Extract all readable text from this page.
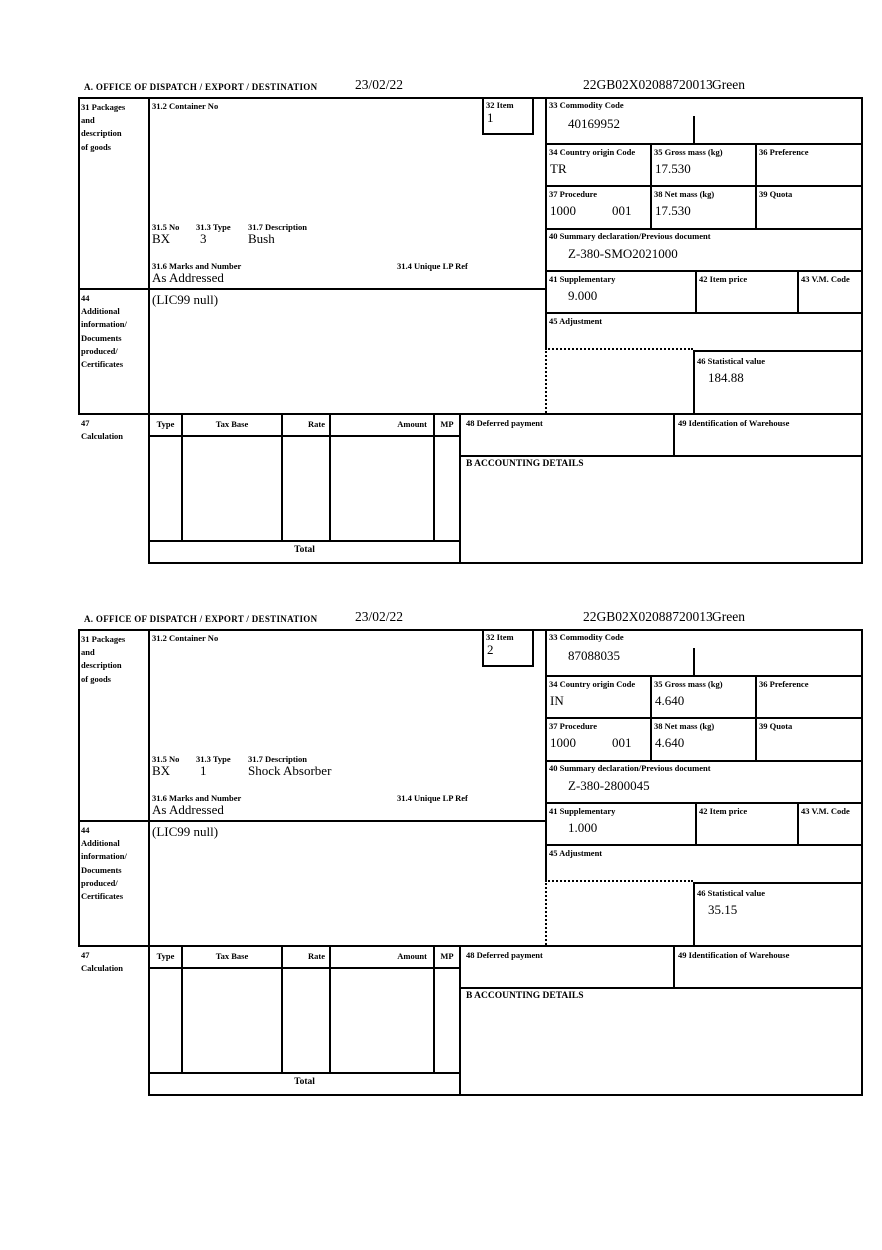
A. OFFICE OF DISPATCH / EXPORT / DESTINATION	23/02/22	22GB02X02088720013 Green
31 Packages
and
description
of goods
31.2 Container No	32 Item
1
31.5 No 31.3 Type 31.7 Description
BX 3	Bush
31.6 Marks and Number	31.4 Unique LP Ref
As Addressed
44
Additional
information/
Documents
produced/
Certificates
(LIC99 null)
33 Commodity Code
40169952
34 Country origin Code
TR
35 Gross mass (kg)
17.530
36 Preference
37 Procedure
1000	001
38 Net mass (kg)
17.530
39 Quota
40 Summary declaration/Previous document
Z-380-SMO2021000
41 Supplementary
9.000
42 Item price	43 V.M. Code
45 Adjustment
46 Statistical value
184.88
47
Calculation
Type	Tax Base	Rate	Amount	MP	48 Deferred payment	49 Identification of Warehouse
B ACCOUNTING DETAILS
Total
A. OFFICE OF DISPATCH / EXPORT / DESTINATION	23/02/22	22GB02X02088720013 Green
31 Packages
and
description
of goods
31.2 Container No	32 Item
2
31.5 No 31.3 Type 31.7 Description
BX 1	Shock Absorber
31.6 Marks and Number	31.4 Unique LP Ref
As Addressed
44
Additional
information/
Documents
produced/
Certificates
(LIC99 null)
33 Commodity Code
87088035
34 Country origin Code
IN
35 Gross mass (kg)
4.640
36 Preference
37 Procedure
1000	001
38 Net mass (kg)
4.640
39 Quota
40 Summary declaration/Previous document
Z-380-2800045
41 Supplementary
1.000
42 Item price	43 V.M. Code
45 Adjustment
46 Statistical value
35.15
47
Calculation
Type	Tax Base	Rate	Amount	MP	48 Deferred payment	49 Identification of Warehouse
B ACCOUNTING DETAILS
Total
